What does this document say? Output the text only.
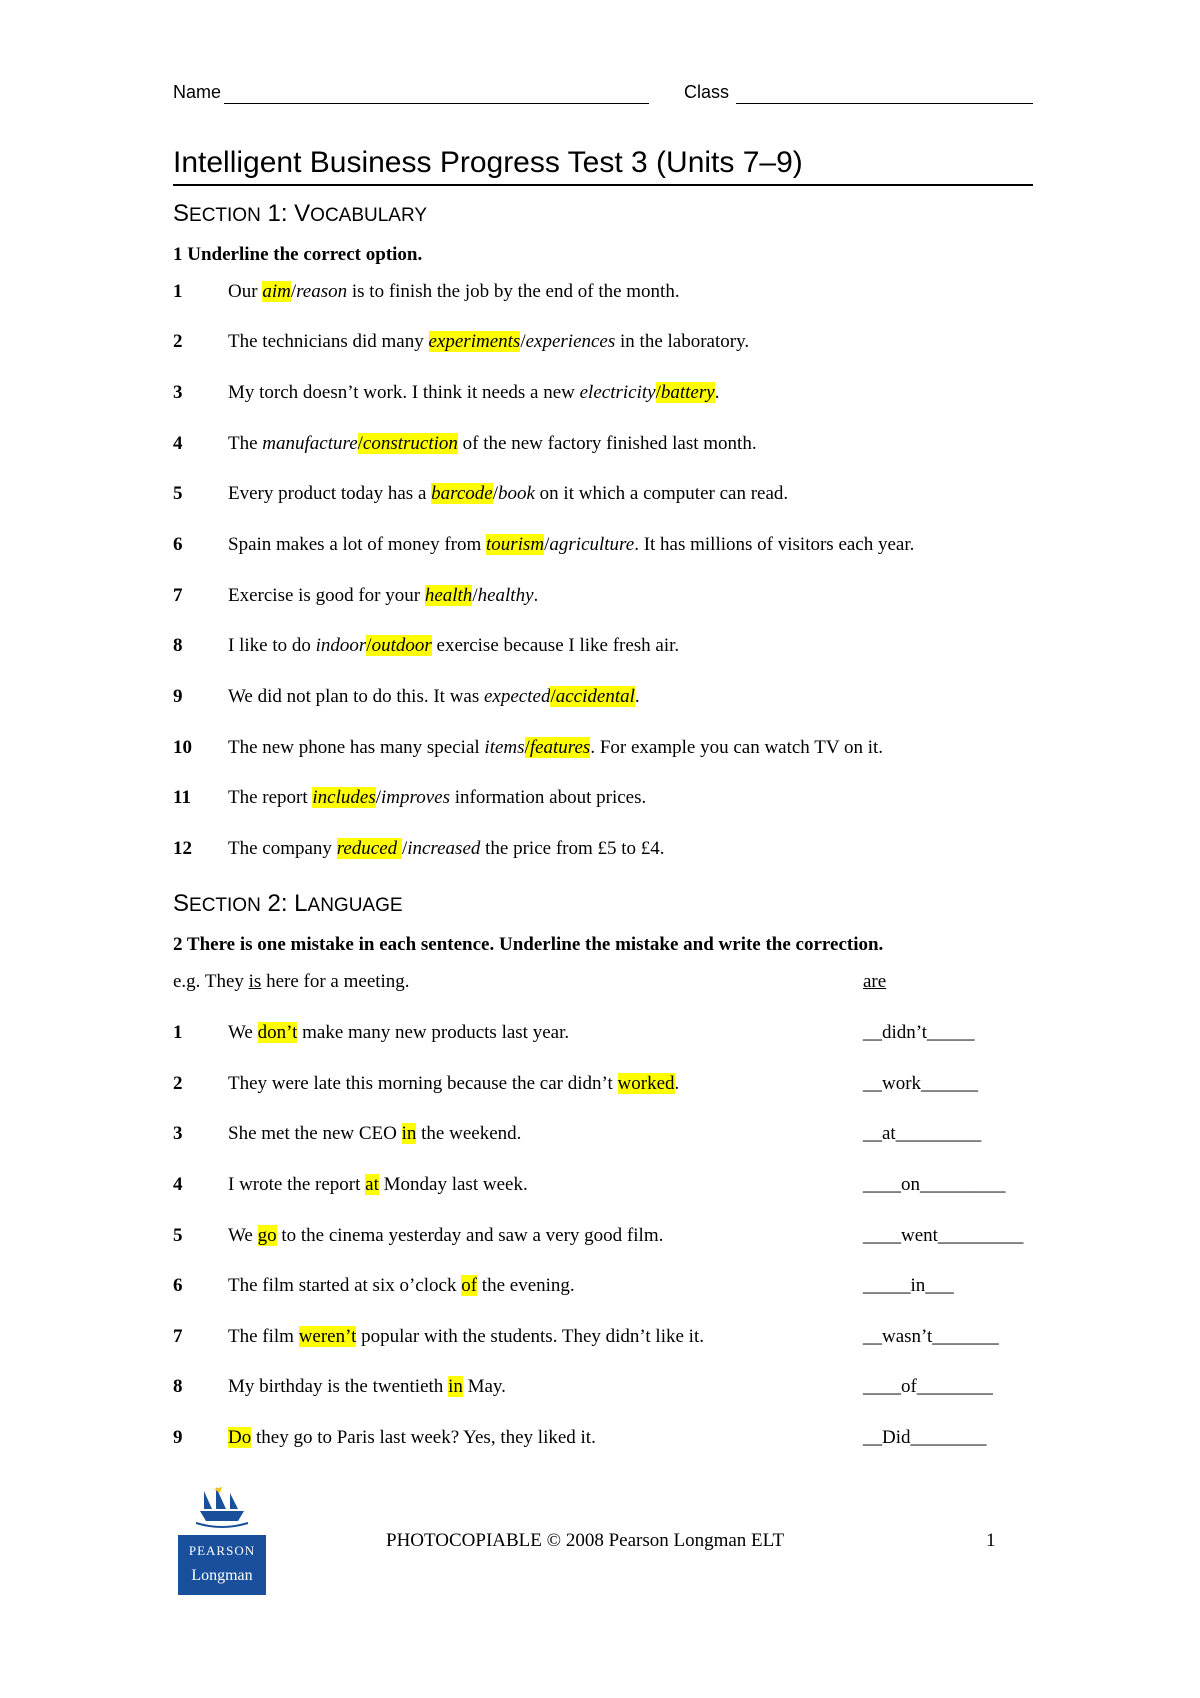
Name	Class
Intelligent Business Progress Test 3 (Units 7–9)
SECTION 1: VOCABULARY
1 Underline the correct option.
1 Our aim/reason is to finish the job by the end of the month.
2 The technicians did many experiments/experiences in the laboratory.
3 My torch doesn’t work. I think it needs a new electricity/battery.
4 The manufacture/construction of the new factory finished last month.
5 Every product today has a barcode/book on it which a computer can read.
6 Spain makes a lot of money from tourism/agriculture. It has millions of visitors each year.
7 Exercise is good for your health/healthy.
8 I like to do indoor/outdoor exercise because I like fresh air.
9 We did not plan to do this. It was expected/accidental.
10 The new phone has many special items/features. For example you can watch TV on it.
11 The report includes/improves information about prices.
12 The company reduced /increased the price from £5 to £4.
SECTION 2: LANGUAGE
2 There is one mistake in each sentence. Underline the mistake and write the correction.
e.g. They is here for a meeting.	are
1 We don’t make many new products last year.	__didn’t_____
2 They were late this morning because the car didn’t worked.	__work______
3 She met the new CEO in the weekend.	__at_________
4 I wrote the report at Monday last week.	____on_________
5 We go to the cinema yesterday and saw a very good film.	____went_________
6 The film started at six o’clock of the evening.	_____in___
7 The film weren’t popular with the students. They didn’t like it.	__wasn’t_______
8 My birthday is the twentieth in May.	____of________
9 Do they go to Paris last week? Yes, they liked it.	__Did________
PEARSON
Longman
PHOTOCOPIABLE © 2008 Pearson Longman ELT	1
